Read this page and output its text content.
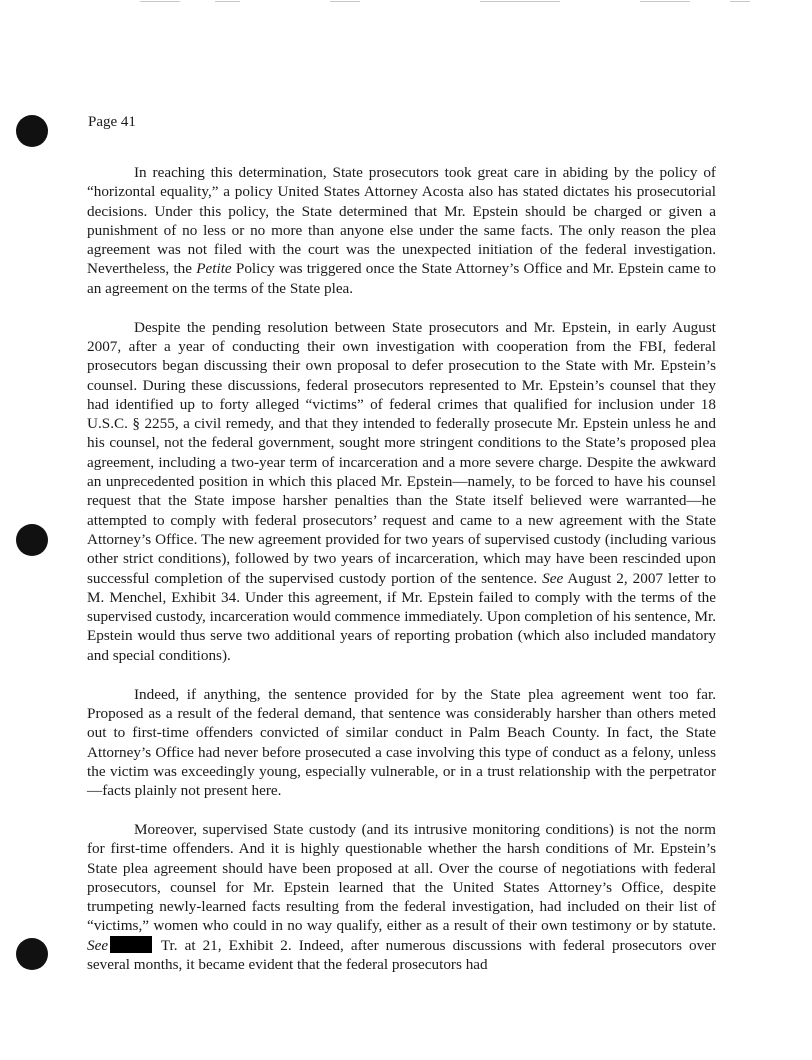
Page 41

In reaching this determination, State prosecutors took great care in abiding by the policy of “horizontal equality,” a policy United States Attorney Acosta also has stated dictates his prosecutorial decisions. Under this policy, the State determined that Mr. Epstein should be charged or given a punishment of no less or no more than anyone else under the same facts. The only reason the plea agreement was not filed with the court was the unexpected initiation of the federal investigation. Nevertheless, the Petite Policy was triggered once the State Attorney’s Office and Mr. Epstein came to an agreement on the terms of the State plea.

Despite the pending resolution between State prosecutors and Mr. Epstein, in early August 2007, after a year of conducting their own investigation with cooperation from the FBI, federal prosecutors began discussing their own proposal to defer prosecution to the State with Mr. Epstein’s counsel. During these discussions, federal prosecutors represented to Mr. Epstein’s counsel that they had identified up to forty alleged “victims” of federal crimes that qualified for inclusion under 18 U.S.C. § 2255, a civil remedy, and that they intended to federally prosecute Mr. Epstein unless he and his counsel, not the federal government, sought more stringent conditions to the State’s proposed plea agreement, including a two-year term of incarceration and a more severe charge. Despite the awkward an unprecedented position in which this placed Mr. Epstein—namely, to be forced to have his counsel request that the State impose harsher penalties than the State itself believed were warranted—he attempted to comply with federal prosecutors’ request and came to a new agreement with the State Attorney’s Office. The new agreement provided for two years of supervised custody (including various other strict conditions), followed by two years of incarceration, which may have been rescinded upon successful completion of the supervised custody portion of the sentence. See August 2, 2007 letter to M. Menchel, Exhibit 34. Under this agreement, if Mr. Epstein failed to comply with the terms of the supervised custody, incarceration would commence immediately. Upon completion of his sentence, Mr. Epstein would thus serve two additional years of reporting probation (which also included mandatory and special conditions).

Indeed, if anything, the sentence provided for by the State plea agreement went too far. Proposed as a result of the federal demand, that sentence was considerably harsher than others meted out to first-time offenders convicted of similar conduct in Palm Beach County. In fact, the State Attorney’s Office had never before prosecuted a case involving this type of conduct as a felony, unless the victim was exceedingly young, especially vulnerable, or in a trust relationship with the perpetrator—facts plainly not present here.

Moreover, supervised State custody (and its intrusive monitoring conditions) is not the norm for first-time offenders. And it is highly questionable whether the harsh conditions of Mr. Epstein’s State plea agreement should have been proposed at all. Over the course of negotiations with federal prosecutors, counsel for Mr. Epstein learned that the United States Attorney’s Office, despite trumpeting newly-learned facts resulting from the federal investigation, had included on their list of “victims,” women who could in no way qualify, either as a result of their own testimony or by statute. See	Tr. at 21, Exhibit 2. Indeed, after numerous discussions with federal prosecutors over several months, it became evident that the federal prosecutors had
